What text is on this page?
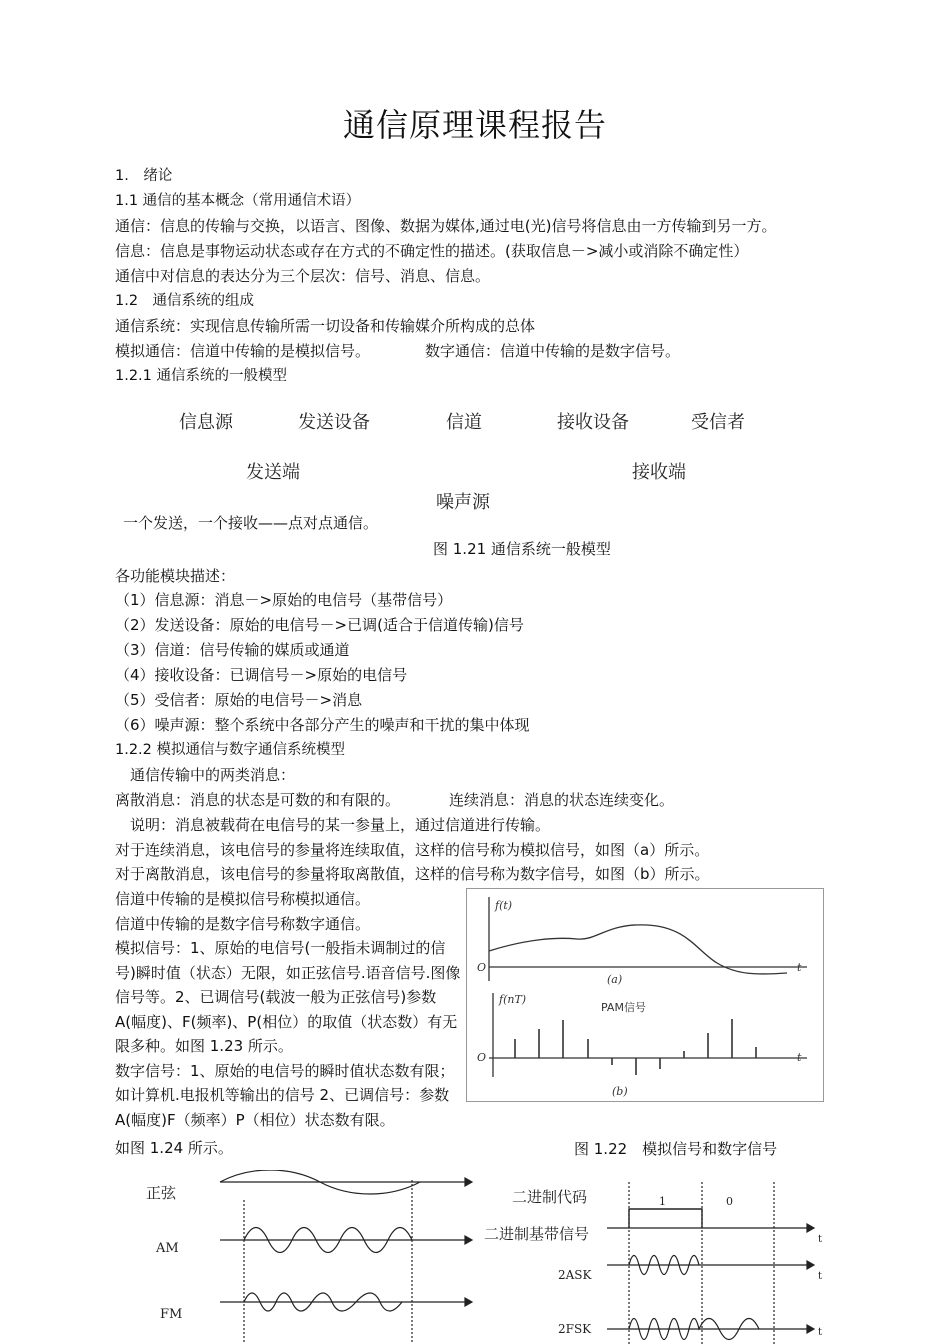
通信原理课程报告
1.　绪论
1.1 通信的基本概念（常用通信术语）
通信：信息的传输与交换，以语言、图像、数据为媒体,通过电(光)信号将信息由一方传输到另一方。
信息：信息是事物运动状态或存在方式的不确定性的描述。(获取信息－>减小或消除不确定性）
通信中对信息的表达分为三个层次：信号、消息、信息。
1.2　通信系统的组成
通信系统：实现信息传输所需一切设备和传输媒介所构成的总体
模拟通信：信道中传输的是模拟信号。	数字通信：信道中传输的是数字信号。
1.2.1 通信系统的一般模型
信息源	发送设备	信道	接收设备	受信者
发送端	接收端
噪声源
一个发送，一个接收——点对点通信。
图 1.21 通信系统一般模型
各功能模块描述：
（1）信息源：消息－>原始的电信号（基带信号）
（2）发送设备：原始的电信号－>已调(适合于信道传输)信号
（3）信道：信号传输的媒质或通道
（4）接收设备：已调信号－>原始的电信号
（5）受信者：原始的电信号－>消息
（6）噪声源：整个系统中各部分产生的噪声和干扰的集中体现
1.2.2 模拟通信与数字通信系统模型
通信传输中的两类消息：
离散消息：消息的状态是可数的和有限的。	连续消息：消息的状态连续变化。
说明：消息被载荷在电信号的某一参量上，通过信道进行传输。
对于连续消息，该电信号的参量将连续取值，这样的信号称为模拟信号，如图（a）所示。
对于离散消息，该电信号的参量将取离散值，这样的信号称为数字信号，如图（b）所示。

信道中传输的是模拟信号称模拟通信。

信道中传输的是数字信号称数字通信。

模拟信号：1、原始的电信号(一般指未调制过的信号)瞬时值（状态）无限，如正弦信号.语音信号.图像信号等。2、已调信号(载波一般为正弦信号)参数 A(幅度)、F(频率)、P(相位）的取值（状态数）有无限多种。如图 1.23 所示。

数字信号：1、原始的电信号的瞬时值状态数有限；如计算机.电报机等输出的信号 2、已调信号：参数 A(幅度)F（频率）P（相位）状态数有限。

f(t)
O	t
(a)
f(nT)
O	t
(b)
PAM信号
如图 1.24 所示。	图 1.22　模拟信号和数字信号
正弦
AM
FM
二进制代码	1	0
二进制基带信号
2ASK
2FSK
t
t
t
